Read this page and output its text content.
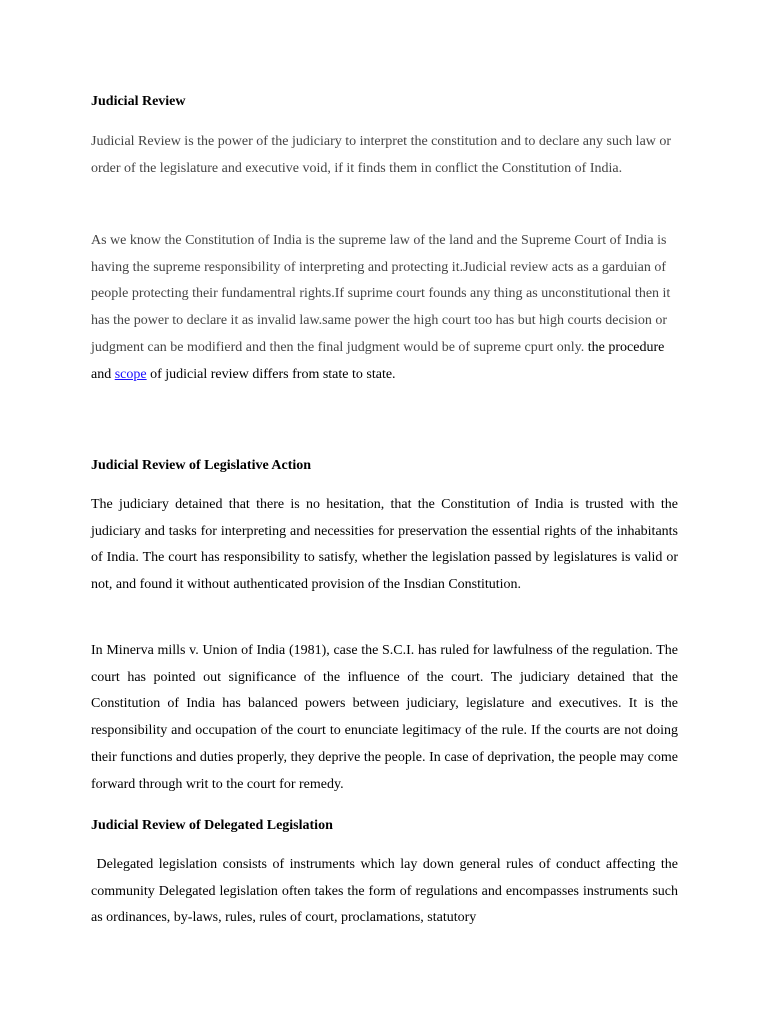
Judicial Review

Judicial Review is the power of the judiciary to interpret the constitution and to declare any such law or order of the legislature and executive void, if it finds them in conflict the Constitution of India.

As we know the Constitution of India is the supreme law of the land and the Supreme Court of India is having the supreme responsibility of interpreting and protecting it.Judicial review acts as a garduian of people protecting their fundamentral rights.If suprime court founds any thing as unconstitutional then it has the power to declare it as invalid law.same power the high court too has but high courts decision or judgment can be modifierd and then the final judgment would be of supreme cpurt only. the procedure and scope of judicial review differs from state to state.

Judicial Review of Legislative Action

The judiciary detained that there is no hesitation, that the Constitution of India is trusted with the judiciary and tasks for interpreting and necessities for preservation the essential rights of the inhabitants of India. The court has responsibility to satisfy, whether the legislation passed by legislatures is valid or not, and found it without authenticated provision of the Insdian Constitution.

In Minerva mills v. Union of India (1981), case the S.C.I. has ruled for lawfulness of the regulation. The court has pointed out significance of the influence of the court. The judiciary detained that the Constitution of India has balanced powers between judiciary, legislature and executives. It is the responsibility and occupation of the court to enunciate legitimacy of the rule. If the courts are not doing their functions and duties properly, they deprive the people. In case of deprivation, the people may come forward through writ to the court for remedy.

Judicial Review of Delegated Legislation

Delegated legislation consists of instruments which lay down general rules of conduct affecting the community Delegated legislation often takes the form of regulations and encompasses instruments such as ordinances, by-laws, rules, rules of court, proclamations, statutory
